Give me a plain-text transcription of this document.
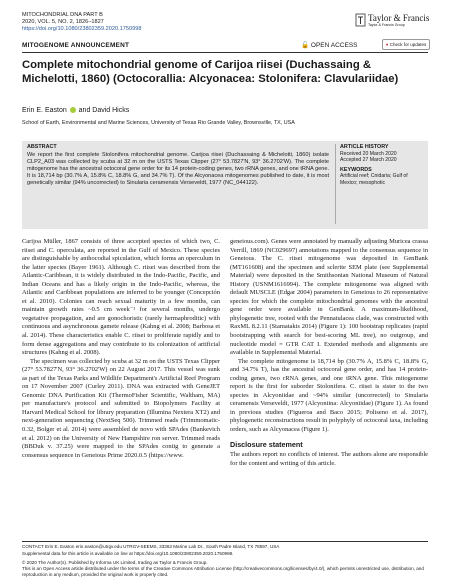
MITOCHONDRIAL DNA PART B
2020, VOL. 5, NO. 2, 1826–1827
https://doi.org/10.1080/23802359.2020.1750998
Taylor & Francis
Taylor & Francis Group
MITOGENOME ANNOUNCEMENT	🔓 OPEN ACCESS	● Check for updates
Complete mitochondrial genome of Carijoa riisei (Duchassaing & Michelotti, 1860) (Octocorallia: Alcyonacea: Stolonifera: Clavulariidae)
Erin E. Easton and David Hicks
School of Earth, Environmental and Marine Sciences, University of Texas Rio Grande Valley, Brownsville, TX, USA
ABSTRACT
We report the first complete Stolonifera mitochondrial genome. Carijoa riisei (Duchassaing & Michelotti, 1860) isolate CLP2_A03 was collected by scuba at 32 m on the USTS Texas Clipper (27° 53.7827'N, 93° 36.2702'W). The complete mitogenome has the ancestral octocoral gene order for its 14 protein-coding genes, two rRNA genes, and one tRNA gene. It is 18,714 bp (30.7% A, 15.8% C, 18.8% G, and 34.7% T). Of the Alcyonacea mitogenomes published to date, it is most genetically similar (94% uncorrected) to Sinularia ceramensis Verseveldt, 1977 (NC_044122).
ARTICLE HISTORY
Received 20 March 2020
Accepted 27 March 2020
KEYWORDS
Artificial reef; Cnidaria; Gulf of Mexico; mesophotic

Carijoa Müller, 1867 consists of three accepted species of which two, C. riisei and C. operculata, are reported in the Gulf of Mexico. These species are distinguishable by anthocodial spiculation, which forms an operculum in the latter species (Bayer 1961). Although C. riisei was described from the Atlantic-Caribbean, it is widely distributed in the Indo-Pacific, Pacific, and Indian Oceans and has a likely origin in the Indo-Pacific, whereas, the Atlantic and Caribbean populations are inferred to be younger (Concepción et al. 2010). Colonies can reach sexual maturity in a few months, can maintain growth rates ~0.5 cm week⁻¹ for several months, undergo vegetative propagation, and are gonochoristic (rarely hermaphroditic) with continuous and asynchronous gamete release (Kahng et al. 2008; Barbosa et al. 2014). These characteristics enable C. riisei to proliferate rapidly and to form dense aggregations and may contribute to its colonization of artificial structures (Kahng et al. 2008).

The specimen was collected by scuba at 32 m on the USTS Texas Clipper (27° 53.7827'N, 93° 36.2702'W) on 22 August 2017. This vessel was sunk as part of the Texas Parks and Wildlife Department's Artificial Reef Program on 17 November 2007 (Curley 2011). DNA was extracted with GeneJET Genomic DNA Purification Kit (ThermoFisher Scientific, Waltham, MA) per manufacture's protocol and submitted to Biopolymers Facility at Harvard Medical School for library preparation (Illumina Nextera XT2) and next-generation sequencing (NextSeq 500). Trimmed reads (Trimmomatic-0.32, Bolger et al. 2014) were assembled de novo with SPAdes (Bankevich et al. 2012) on the University of New Hampshire ron server. Trimmed reads (BBDuk v. 37.25) were mapped to the SPAdes contig to generate a consensus sequence in Geneious Prime 2020.0.5 (https://www.

geneious.com). Genes were annotated by manually adjusting Muricea crassa Verrill, 1869 (NC029697) annotations mapped to the consensus sequence in Geneious. The C. riisei mitogenome was deposited in GenBank (MT161608) and the specimen and sclerite SEM plate (see Supplemental Material) were deposited in the Smithsonian National Museum of Natural History (USNM1616994). The complete mitogenome was aligned with default MUSCLE (Edgar 2004) parameters in Geneious to 26 representative species for which the complete mitochondrial genomes with the ancestral gene order were available in GenBank. A maximum-likelihood, phylogenetic tree, rooted with the Pennatulacea clade, was constructed with RaxML 8.2.11 (Stamatakis 2014) (Figure 1): 100 bootstrap replicates (rapid bootstrapping with search for best-scoring ML tree), no outgroup, and nucleotide model = GTR CAT I. Extended methods and alignments are available in Supplemental Material.

The complete mitogenome is 18,714 bp (30.7% A, 15.8% C, 18.8% G, and 34.7% T), has the ancestral octocoral gene order, and has 14 protein-coding genes, two rRNA genes, and one tRNA gene. This mitogenome report is the first for suborder Stolonifera. C. riisei is sister to the two species in Alcyoniidae and ~94% similar (uncorrected) to Sinularia ceramensis Verseveldt, 1977 (Alcyoniina: Alcyoniidae) (Figure 1). As found in previous studies (Figueroa and Baco 2015; Poliseno et al. 2017), phylogenetic reconstructions result in polyphyly of octocoral taxa, including orders, such as Alcyonacea (Figure 1).

Disclosure statement

The authors report no conflicts of interest. The authors alone are responsible for the content and writing of this article.

CONTACT Erin E. Easton erin.easton@utrgv.edu UTRGV-SEEMS, 33363 Marine Lab Dr., South Padre Island, TX 78597, USA
Supplemental data for this article is available on line at https://doi.org/10.1080/23802359.2020.1750998.
© 2020 The Author(s). Published by Informa UK Limited, trading as Taylor & Francis Group.
This is an Open Access article distributed under the terms of the Creative Commons Attribution License (http://creativecommons.org/licenses/by/4.0/), which permits unrestricted use, distribution, and reproduction in any medium, provided the original work is properly cited.
